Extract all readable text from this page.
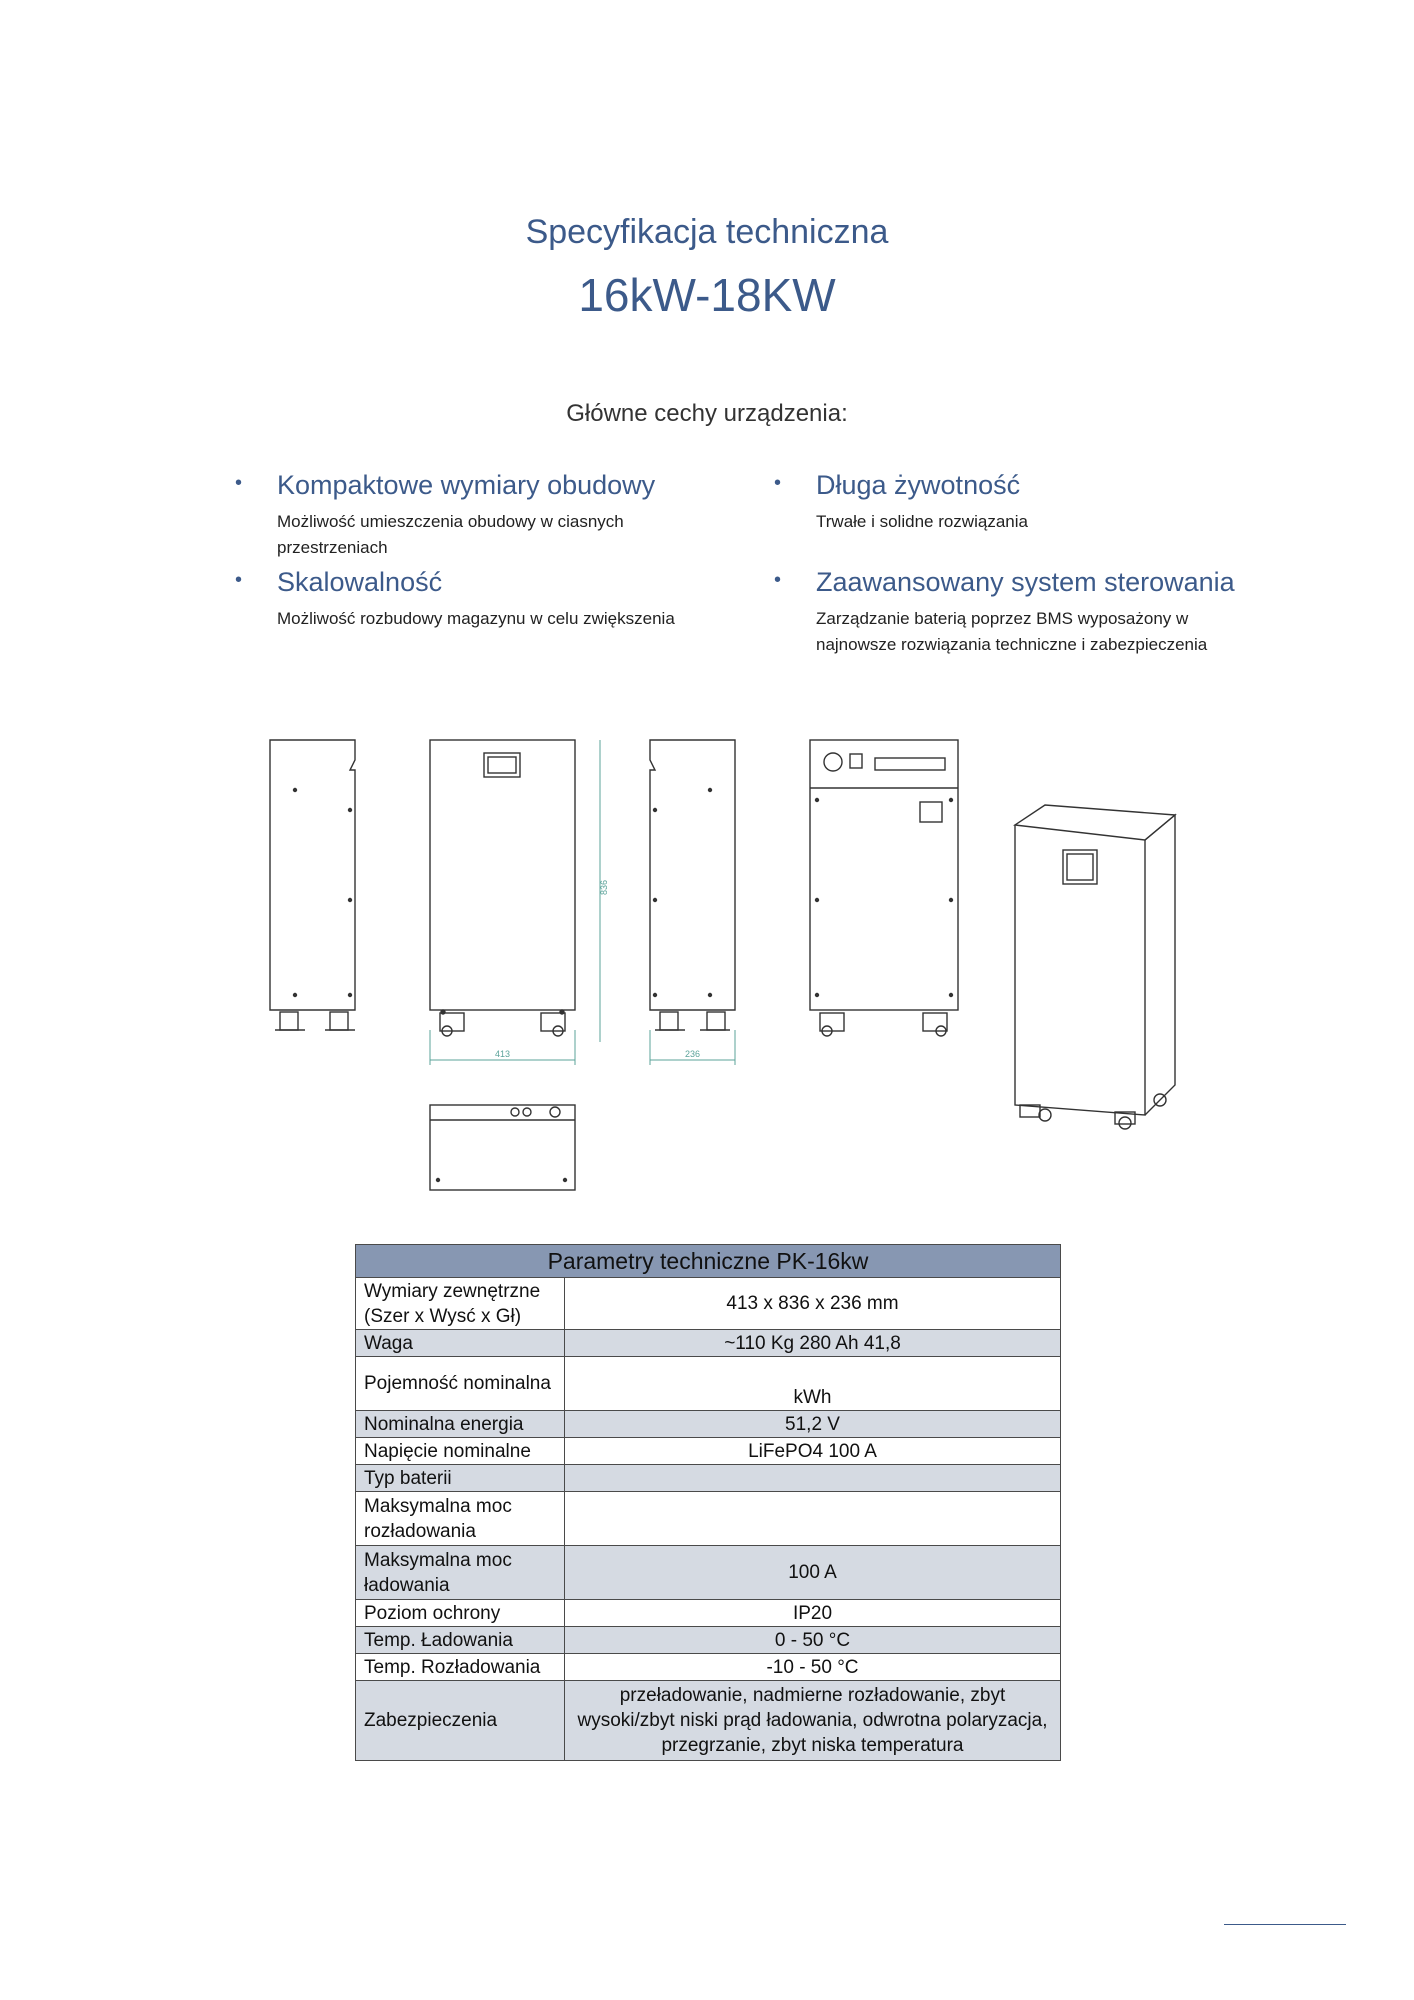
Specyfikacja techniczna
16kW-18KW
Główne cechy urządzenia:
• Kompaktowe wymiary obudowy
Możliwość umieszczenia obudowy w ciasnych przestrzeniach
• Skalowalność
Możliwość rozbudowy magazynu w celu zwiększenia
• Długa żywotność
Trwałe i solidne rozwiązania
• Zaawansowany system sterowania
Zarządzanie baterią poprzez BMS wyposażony w najnowsze rozwiązania techniczne i zabezpieczenia
836
413	236
Parametry techniczne PK-16kw	
Wymiary zewnętrzne (Szer x Wysć x Gł)	413 x 836 x 236 mm
Waga	~110 Kg 280 Ah 41,8
Pojemność nominalna	kWh
Nominalna energia	51,2 V
Napięcie nominalne	LiFePO4 100 A
Typ baterii	
Maksymalna moc rozładowania	
Maksymalna moc ładowania	100 A
Poziom ochrony	IP20
Temp. Ładowania	0 - 50 °C
Temp. Rozładowania	-10 - 50 °C
Zabezpieczenia	przeładowanie, nadmierne rozładowanie, zbyt wysoki/zbyt niski prąd ładowania, odwrotna polaryzacja, przegrzanie, zbyt niska temperatura
